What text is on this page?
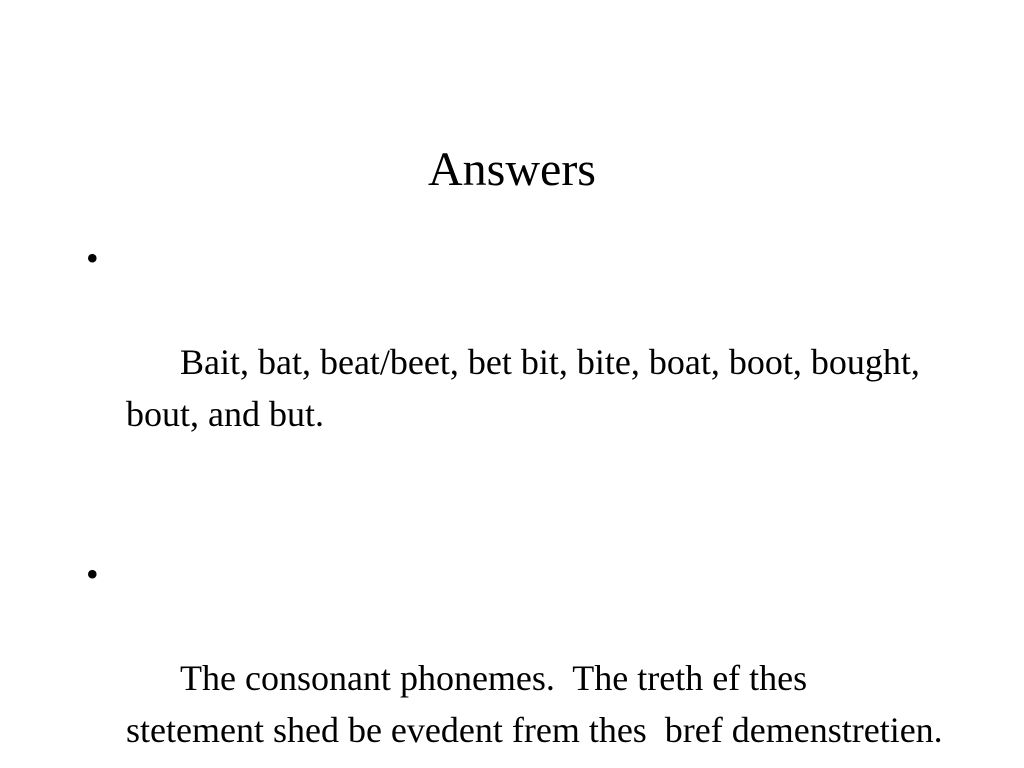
Answers

•

Bait, bat, beat/beet, bet bit, bite, boat, boot, bought, bout, and but.

•

The consonant phonemes.  The treth ef thes stetement shed be evedent frem thes  bref demenstretien.
